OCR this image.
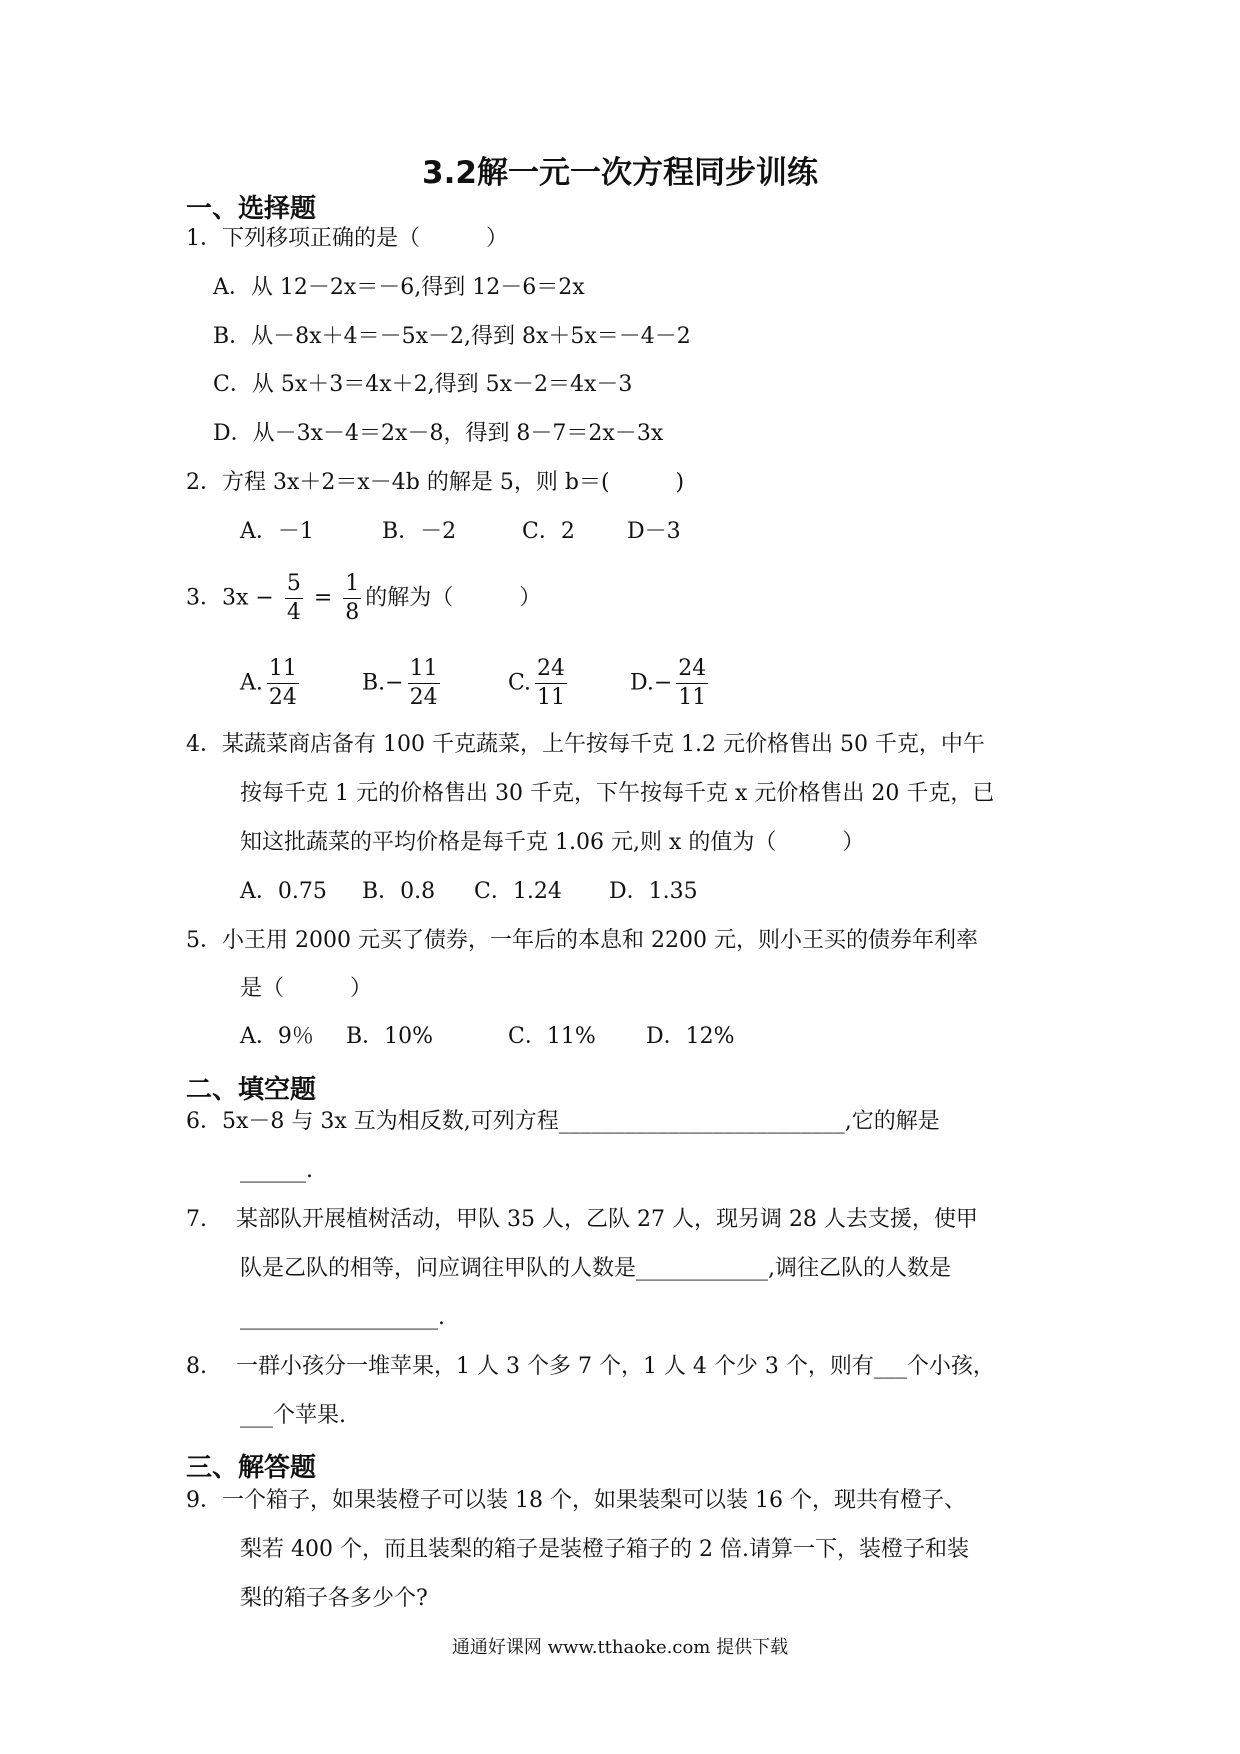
3.2解一元一次方程同步训练
一、选择题
1．下列移项正确的是（　　　）
A．从 12－2x＝－6,得到 12－6＝2x
B．从－8x＋4＝－5x－2,得到 8x＋5x＝－4－2
C．从 5x＋3＝4x＋2,得到 5x－2＝4x－3
D．从－3x－4＝2x－8，得到 8－7＝2x－3x
2．方程 3x＋2＝x－4b 的解是 5，则 b＝(　　　)
A．－1	B．－2	C．2 D－3
3．$3x - \frac{5}{4} = \frac{1}{8}$ 的解为（　　　）
A. $\frac{11}{24}$	$B.- \frac{11}{24}$	C. $\frac{24}{11}$	$D.- \frac{24}{11}$
4．某蔬菜商店备有 100 千克蔬菜，上午按每千克 1.2 元价格售出 50 千克，中午
按每千克 1 元的价格售出 30 千克，下午按每千克 x 元价格售出 20 千克，已
知这批蔬菜的平均价格是每千克 1.06 元,则 x 的值为（　　　）
A．0.75 B．0.8 C．1.24 D．1.35
5．小王用 2000 元买了债券，一年后的本息和 2200 元，则小王买的债券年利率
是（　　　）
A．9％ B．10%	C．11% D．12%
二、填空题
6．5x－8 与 3x 互为相反数,可列方程__________________________,它的解是
______.
7.　 某部队开展植树活动，甲队 35 人，乙队 27 人，现另调 28 人去支援，使甲
队是乙队的相等，问应调往甲队的人数是____________,调往乙队的人数是
__________________.
8.　 一群小孩分一堆苹果，1 人 3 个多 7 个，1 人 4 个少 3 个，则有___个小孩，
___个苹果.
三、解答题
9．一个箱子，如果装橙子可以装 18 个，如果装梨可以装 16 个，现共有橙子、
梨若 400 个，而且装梨的箱子是装橙子箱子的 2 倍.请算一下，装橙子和装
梨的箱子各多少个?
通通好课网 www.tthaoke.com 提供下载
